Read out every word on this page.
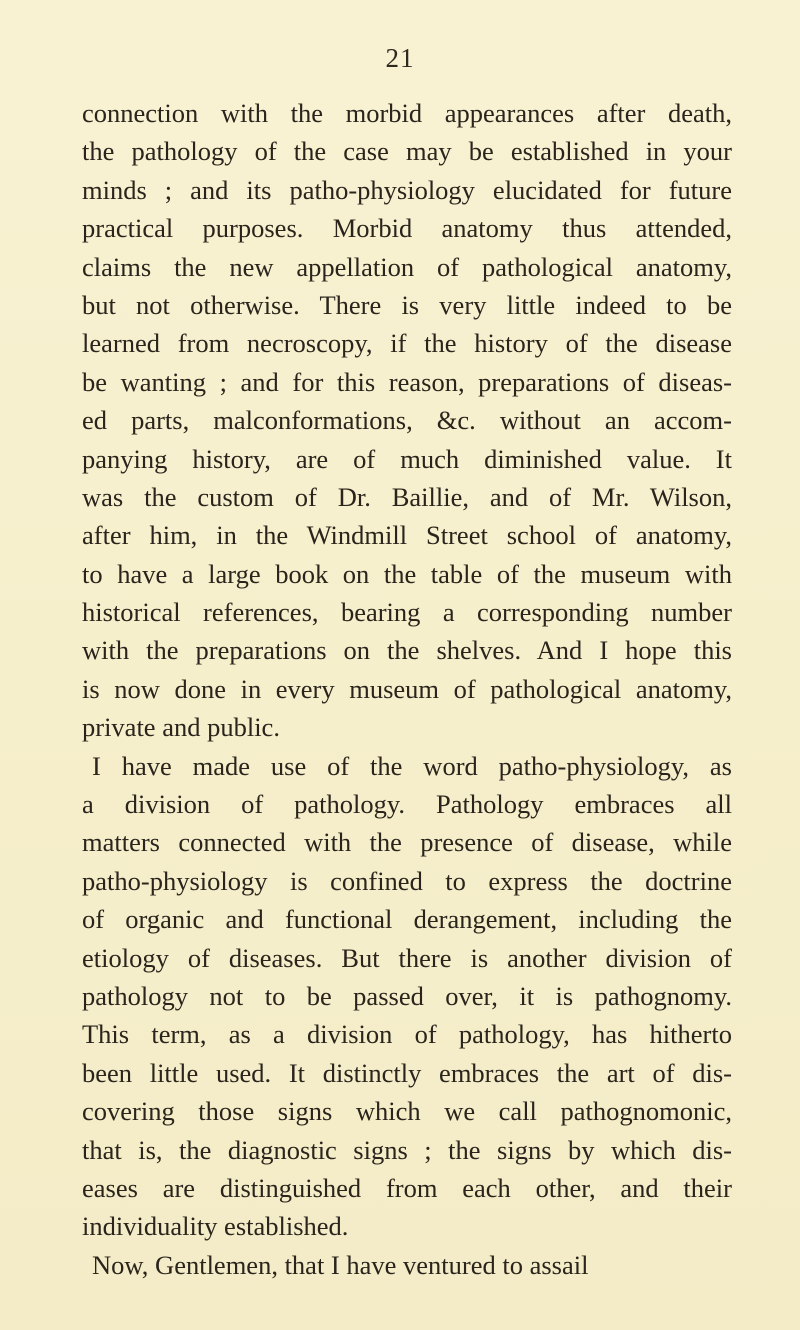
21
connection with the morbid appearances after death,
the pathology of the case may be established in your
minds ; and its patho-physiology elucidated for future
practical purposes. Morbid anatomy thus attended,
claims the new appellation of pathological anatomy,
but not otherwise. There is very little indeed to be
learned from necroscopy, if the history of the disease
be wanting ; and for this reason, preparations of diseas-
ed parts, malconformations, &c. without an accom-
panying history, are of much diminished value. It
was the custom of Dr. Baillie, and of Mr. Wilson,
after him, in the Windmill Street school of anatomy,
to have a large book on the table of the museum with
historical references, bearing a corresponding number
with the preparations on the shelves. And I hope this
is now done in every museum of pathological anatomy,
private and public.
I have made use of the word patho-physiology, as
a division of pathology. Pathology embraces all
matters connected with the presence of disease, while
patho-physiology is confined to express the doctrine
of organic and functional derangement, including the
etiology of diseases. But there is another division of
pathology not to be passed over, it is pathognomy.
This term, as a division of pathology, has hitherto
been little used. It distinctly embraces the art of dis-
covering those signs which we call pathognomonic,
that is, the diagnostic signs ; the signs by which dis-
eases are distinguished from each other, and their
individuality established.
Now, Gentlemen, that I have ventured to assail
